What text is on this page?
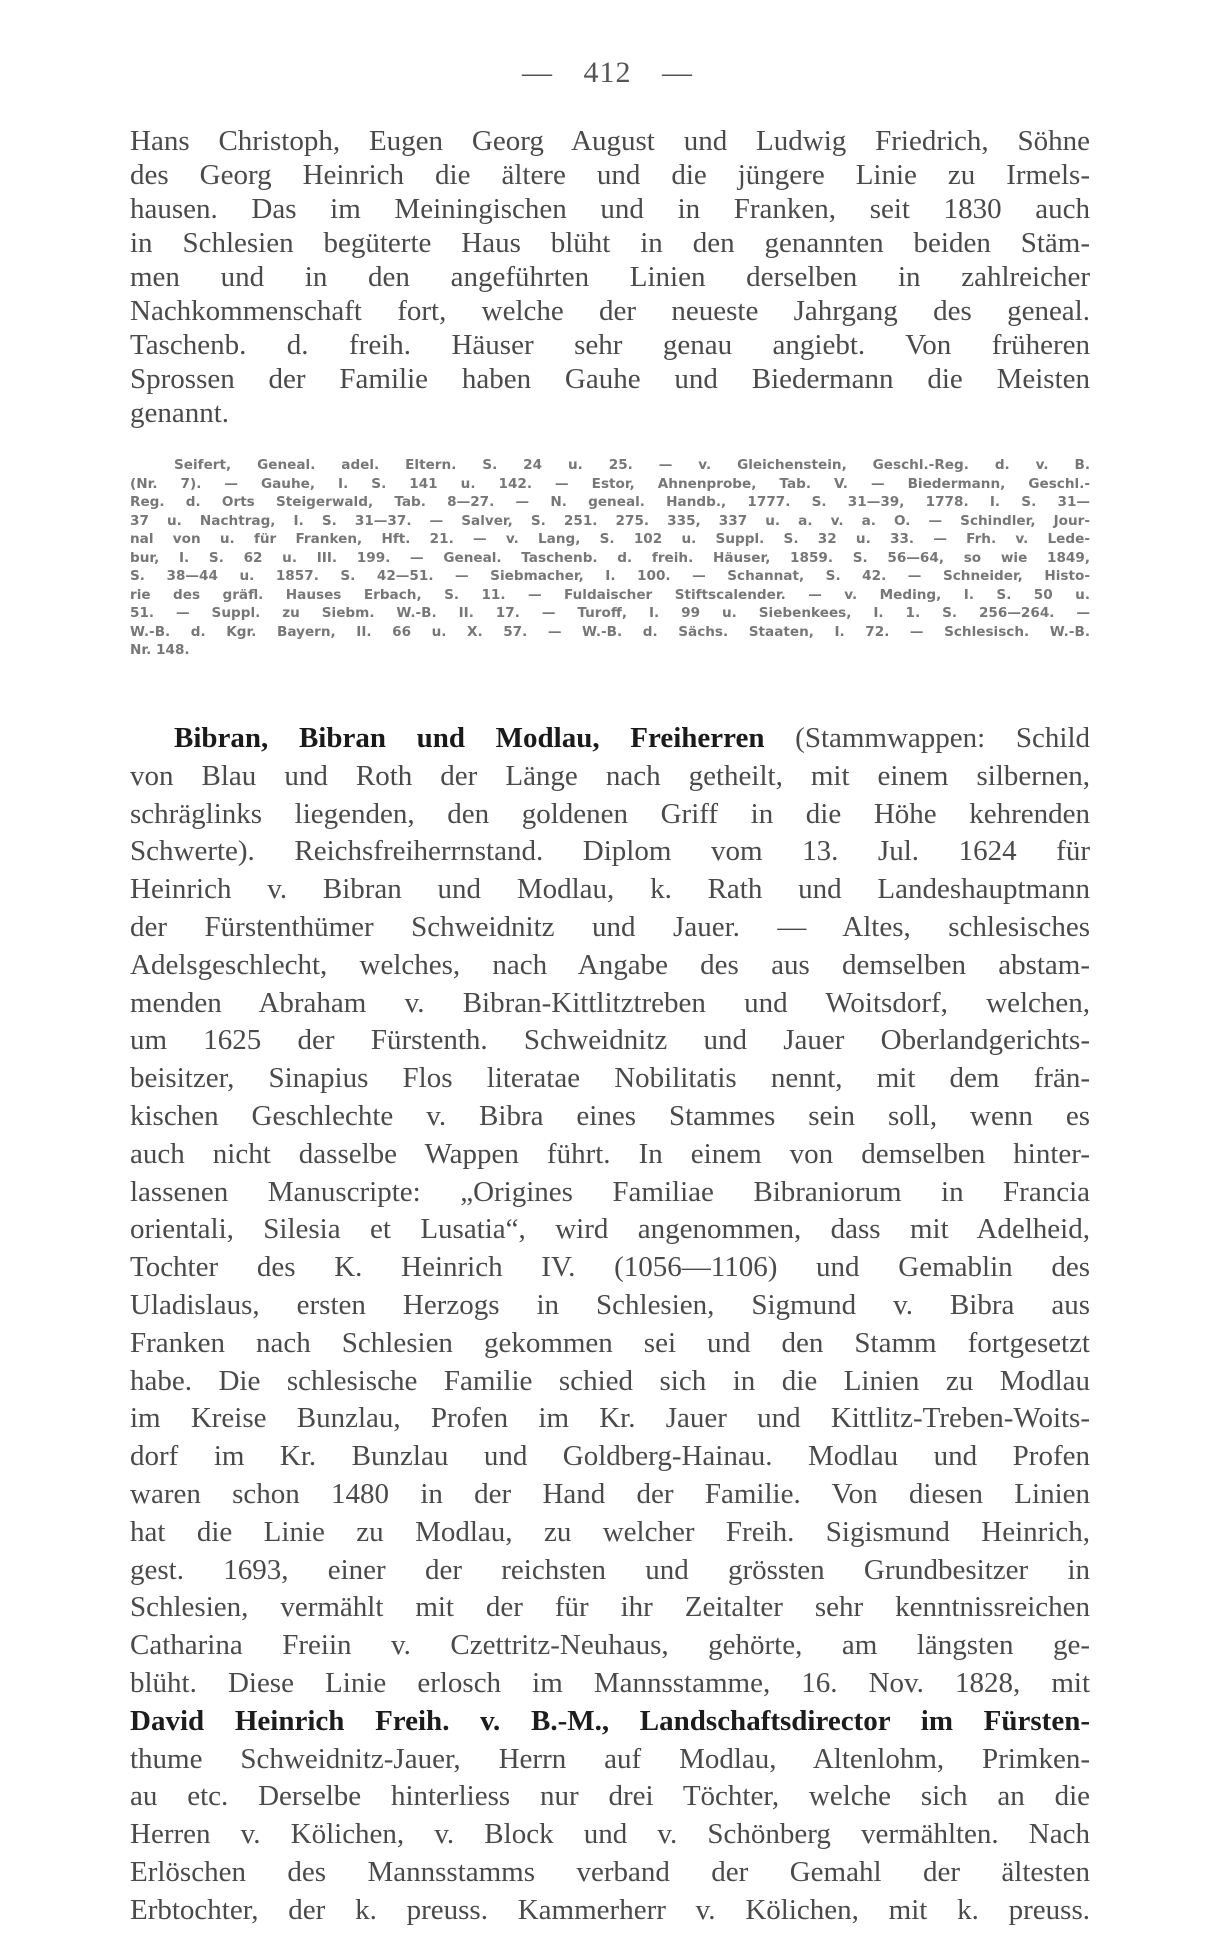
— 412 —
Hans Christoph, Eugen Georg August und Ludwig Friedrich, Söhne
des Georg Heinrich die ältere und die jüngere Linie zu Irmels-
hausen. Das im Meiningischen und in Franken, seit 1830 auch
in Schlesien begüterte Haus blüht in den genannten beiden Stäm-
men und in den angeführten Linien derselben in zahlreicher
Nachkommenschaft fort, welche der neueste Jahrgang des geneal.
Taschenb. d. freih. Häuser sehr genau angiebt. Von früheren
Sprossen der Familie haben Gauhe und Biedermann die Meisten
genannt.
Seifert, Geneal. adel. Eltern. S. 24 u. 25. — v. Gleichenstein, Geschl.-Reg. d. v. B.
(Nr. 7). — Gauhe, I. S. 141 u. 142. — Estor, Ahnenprobe, Tab. V. — Biedermann, Geschl.-
Reg. d. Orts Steigerwald, Tab. 8—27. — N. geneal. Handb., 1777. S. 31—39, 1778. I. S. 31—
37 u. Nachtrag, I. S. 31—37. — Salver, S. 251. 275. 335, 337 u. a. v. a. O. — Schindler, Jour-
nal von u. für Franken, Hft. 21. — v. Lang, S. 102 u. Suppl. S. 32 u. 33. — Frh. v. Lede-
bur, I. S. 62 u. III. 199. — Geneal. Taschenb. d. freih. Häuser, 1859. S. 56—64, so wie 1849,
S. 38—44 u. 1857. S. 42—51. — Siebmacher, I. 100. — Schannat, S. 42. — Schneider, Histo-
rie des gräfl. Hauses Erbach, S. 11. — Fuldaischer Stiftscalender. — v. Meding, I. S. 50 u.
51. — Suppl. zu Siebm. W.-B. II. 17. — Turoff, I. 99 u. Siebenkees, I. 1. S. 256—264. —
W.-B. d. Kgr. Bayern, II. 66 u. X. 57. — W.-B. d. Sächs. Staaten, I. 72. — Schlesisch. W.-B.
Nr. 148.
Bibran, Bibran und Modlau, Freiherren (Stammwappen: Schild
von Blau und Roth der Länge nach getheilt, mit einem silbernen,
schräglinks liegenden, den goldenen Griff in die Höhe kehrenden
Schwerte). Reichsfreiherrnstand. Diplom vom 13. Jul. 1624 für
Heinrich v. Bibran und Modlau, k. Rath und Landeshauptmann
der Fürstenthümer Schweidnitz und Jauer. — Altes, schlesisches
Adelsgeschlecht, welches, nach Angabe des aus demselben abstam-
menden Abraham v. Bibran-Kittlitztreben und Woitsdorf, welchen,
um 1625 der Fürstenth. Schweidnitz und Jauer Oberlandgerichts-
beisitzer, Sinapius Flos literatae Nobilitatis nennt, mit dem frän-
kischen Geschlechte v. Bibra eines Stammes sein soll, wenn es
auch nicht dasselbe Wappen führt. In einem von demselben hinter-
lassenen Manuscripte: „Origines Familiae Bibraniorum in Francia
orientali, Silesia et Lusatia“, wird angenommen, dass mit Adelheid,
Tochter des K. Heinrich IV. (1056—1106) und Gemablin des
Uladislaus, ersten Herzogs in Schlesien, Sigmund v. Bibra aus
Franken nach Schlesien gekommen sei und den Stamm fortgesetzt
habe. Die schlesische Familie schied sich in die Linien zu Modlau
im Kreise Bunzlau, Profen im Kr. Jauer und Kittlitz-Treben-Woits-
dorf im Kr. Bunzlau und Goldberg-Hainau. Modlau und Profen
waren schon 1480 in der Hand der Familie. Von diesen Linien
hat die Linie zu Modlau, zu welcher Freih. Sigismund Heinrich,
gest. 1693, einer der reichsten und grössten Grundbesitzer in
Schlesien, vermählt mit der für ihr Zeitalter sehr kenntnissreichen
Catharina Freiin v. Czettritz-Neuhaus, gehörte, am längsten ge-
blüht. Diese Linie erlosch im Mannsstamme, 16. Nov. 1828, mit
David Heinrich Freih. v. B.-M., Landschaftsdirector im Fürsten-
thume Schweidnitz-Jauer, Herrn auf Modlau, Altenlohm, Primken-
au etc. Derselbe hinterliess nur drei Töchter, welche sich an die
Herren v. Kölichen, v. Block und v. Schönberg vermählten. Nach
Erlöschen des Mannsstamms verband der Gemahl der ältesten
Erbtochter, der k. preuss. Kammerherr v. Kölichen, mit k. preuss.
